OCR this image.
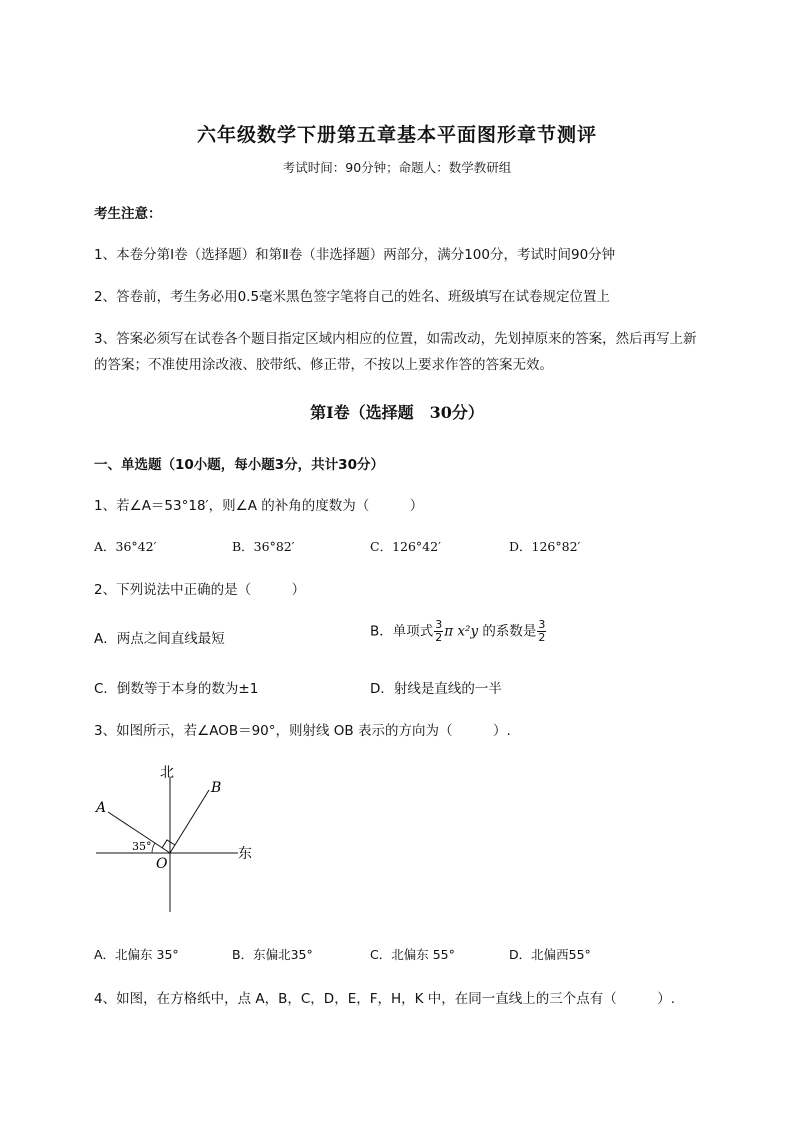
六年级数学下册第五章基本平面图形章节测评
考试时间：90分钟；命题人：数学教研组
考生注意：
1、本卷分第I卷（选择题）和第Ⅱ卷（非选择题）两部分，满分100分，考试时间90分钟
2、答卷前，考生务必用0.5毫米黑色签字笔将自己的姓名、班级填写在试卷规定位置上
3、答案必须写在试卷各个题目指定区域内相应的位置，如需改动，先划掉原来的答案，然后再写上新
的答案；不准使用涂改液、胶带纸、修正带，不按以上要求作答的答案无效。
第I卷（选择题　30分）
一、单选题（10小题，每小题3分，共计30分）
1、若∠A＝53°18′，则∠A 的补角的度数为（　　　）
A．36°42′	B．36°82′	C．126°42′	D．126°82′
2、下列说法中正确的是（　　　）
A．两点之间直线最短	B．单项式 $\frac{3}{2}$ π x²y 的系数是 $\frac{3}{2}$
C．倒数等于本身的数为±1	D．射线是直线的一半
3、如图所示，若∠AOB＝90°，则射线 OB 表示的方向为（　　　）.
北
东
A
B
O
35°
A．北偏东 35°	B．东偏北35°	C．北偏东 55°	D．北偏西55°
4、如图，在方格纸中，点 A，B，C，D，E，F，H，K 中，在同一直线上的三个点有（　　　）.
